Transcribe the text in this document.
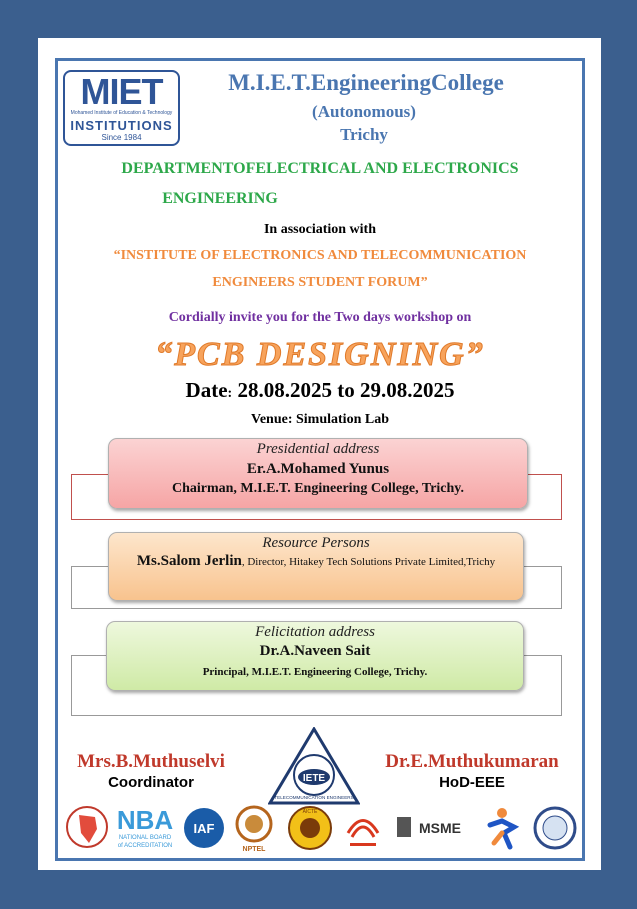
MIET
Mohamed Institute of Education & Technology
INSTITUTIONS
Since 1984
M.I.E.T.EngineeringCollege
(Autonomous)
Trichy
DEPARTMENTOFELECTRICAL AND ELECTRONICS
ENGINEERING
In association with
“INSTITUTE OF ELECTRONICS AND TELECOMMUNICATION
ENGINEERS STUDENT FORUM”
Cordially invite you for the Two days workshop on
“PCB DESIGNING”
Date: 28.08.2025 to 29.08.2025
Venue: Simulation Lab
Presidential address
Er.A.Mohamed Yunus
Chairman, M.I.E.T. Engineering College, Trichy.
Resource Persons
Ms.Salom Jerlin, Director, Hitakey Tech Solutions Private Limited,Trichy
Felicitation address
Dr.A.Naveen Sait
Principal, M.I.E.T. Engineering College, Trichy.
Mrs.B.Muthuselvi
Coordinator
Dr.E.Muthukumaran
HoD-EEE
IETE
TELECOMMUNICATION ENGINEERS
NBA
NATIONAL BOARD
of ACCREDITATION
IAF
NPTEL
AICTE
MSME
